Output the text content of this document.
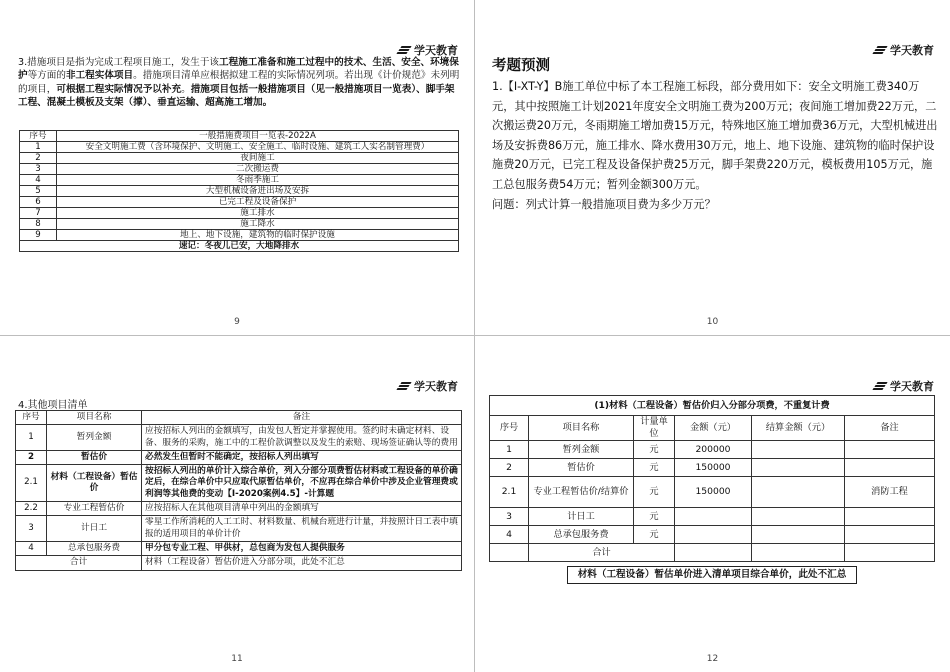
学天教育
3.措施项目是指为完成工程项目施工，发生于该工程施工准备和施工过程中的技术、生活、安全、环境保护等方面的非工程实体项目。措施项目清单应根据拟建工程的实际情况列项。若出现《计价规范》未列明的项目，可根据工程实际情况予以补充。措施项目包括一般措施项目（见一般措施项目一览表）、脚手架工程、混凝土模板及支架（撑）、垂直运输、超高施工增加。
序号	一般措施费项目一览表-2022A
1	安全文明施工费（含环境保护、文明施工、安全施工、临时设施、建筑工人实名制管理费）
2	夜间施工
3	二次搬运费
4	冬雨季施工
5	大型机械设备进出场及安拆
6	已完工程及设备保护
7	施工排水
8	施工降水
9	地上、地下设施，建筑物的临时保护设施
速记：冬夜儿已安，大地降排水	
9
学天教育
考题预测
1.【Ⅰ-XT-Y】B施工单位中标了本工程施工标段，部分费用如下：安全文明施工费340万元，其中按照施工计划2021年度安全文明施工费为200万元；夜间施工增加费22万元，二次搬运费20万元，冬雨期施工增加费15万元，特殊地区施工增加费36万元，大型机械进出场及安拆费86万元，施工排水、降水费用30万元，地上、地下设施、建筑物的临时保护设施费20万元，已完工程及设备保护费25万元，脚手架费220万元，模板费用105万元，施工总包服务费54万元；暂列金额300万元。
问题：列式计算一般措施项目费为多少万元？
10
学天教育
4.其他项目清单
序号	项目名称	备注
1	暂列金额	应按招标人列出的金额填写，由发包人暂定并掌握使用。签约时未确定材料、设备、服务的采购，施工中的工程价款调整以及发生的索赔、现场签证确认等的费用
2	暂估价	必然发生但暂时不能确定，按招标人列出填写
2.1	材料（工程设备）暂估价	按招标人列出的单价计入综合单价，列入分部分项费暂估材料或工程设备的单价确定后，在综合单价中只应取代原暂估单价，不应再在综合单价中涉及企业管理费或利润等其他费的变动【Ⅰ-2020案例4.5】-计算题
2.2	专业工程暂估价	应按招标人在其他项目清单中列出的金额填写
3	计日工	零星工作所消耗的人工工时、材料数量、机械台班进行计量，并按照计日工表中填报的适用项目的单价计价
4	总承包服务费	甲分包专业工程、甲供材，总包商为发包人提供服务
合计		材料（工程设备）暂估价进入分部分项，此处不汇总
11
学天教育
(1)材料（工程设备）暂估价归入分部分项费，不重复计费					
序号	项目名称	计量单位	金额（元）	结算金额（元）	备注
1	暂列金额	元	200000		
2	暂估价	元	150000		
2.1	专业工程暂估价/结算价	元	150000		消防工程
3	计日工	元			
4	总承包服务费	元			
	合计				
材料（工程设备）暂估单价进入清单项目综合单价，此处不汇总					
12
